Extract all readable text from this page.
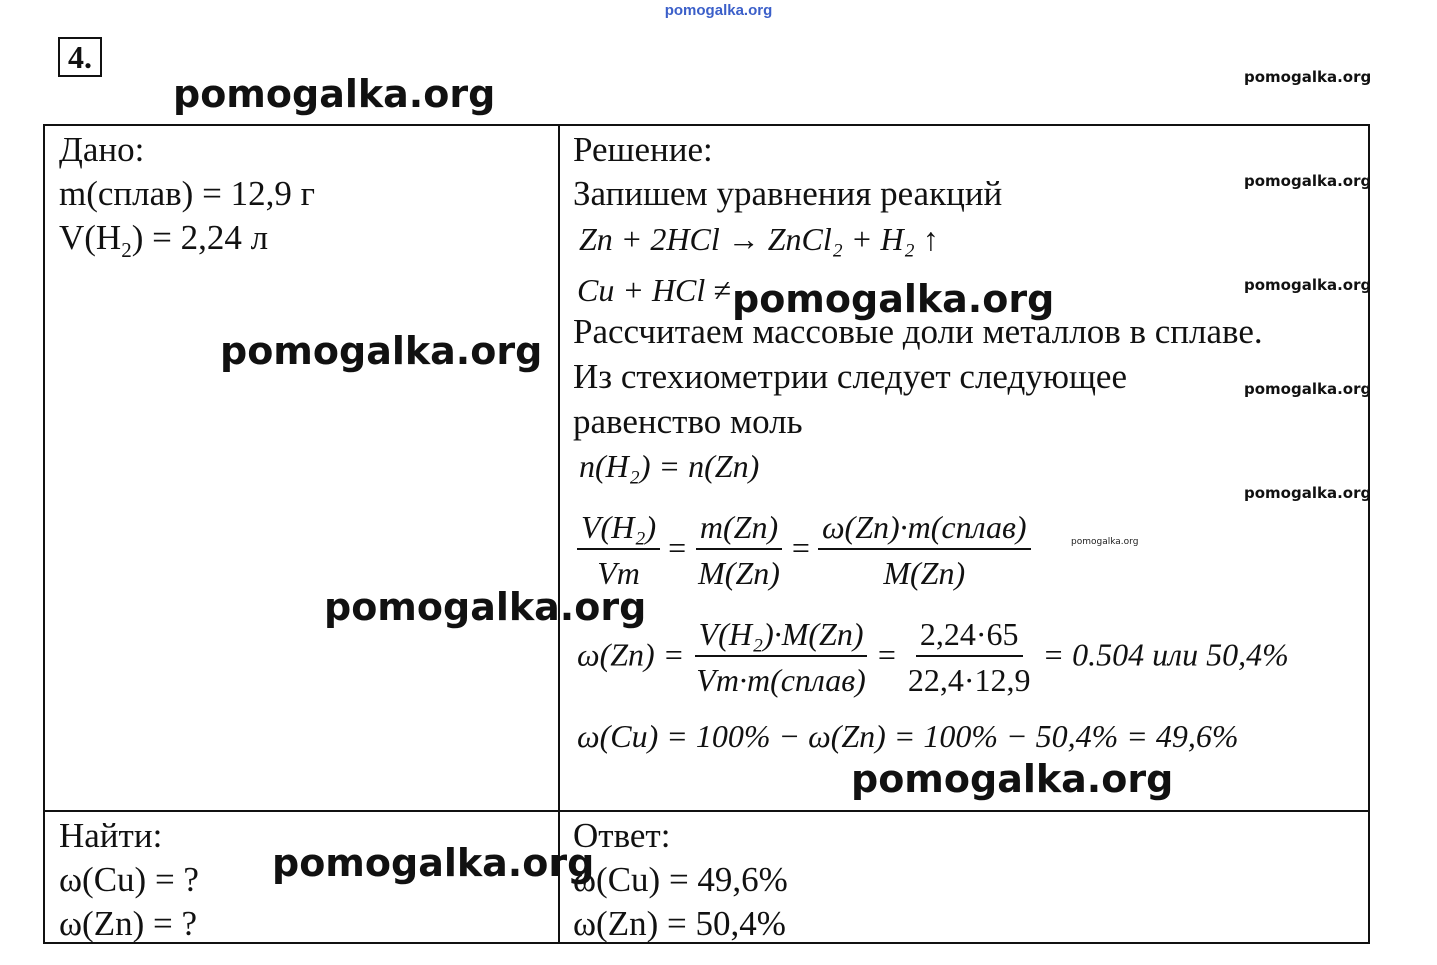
pomogalka.org
4.
pomogalka.org	pomogalka.org
Дано:
m(сплав) = 12,9 г
$V(H_2) = 2,24$ л
Найти:
ω(Cu) = ?
ω(Zn) = ?
Решение:
Запишем уравнения реакций
Zn + 2HCl → ZnCl₂ + H₂ ↑
Cu + HCl ≠
Рассчитаем массовые доли металлов в сплаве.
Из стехиометрии следует следующее
равенство моль
n(H₂) = n(Zn)
$\frac{\text{V(H₂)}}{Vm} = \frac{m(Zn)}{M(Zn)} = \frac{\text{ω(Zn)·m(сплав)}}{M(Zn)}$
$\omega(Zn) = \frac{\text{V(H₂)·M(Zn)}}{\text{Vm·m(сплав)}} = \frac{2,24\cdot 65}{22,4\cdot 12,9} = 0.504$ или 50,4%
ω(Cu) = 100% − ω(Zn) = 100% − 50,4% = 49,6%
Ответ:
ω(Cu) = 49,6%
ω(Zn) = 50,4%
pomogalka.org
pomogalka.org
pomogalka.org
pomogalka.org
pomogalka.org
pomogalka.org
pomogalka.org
pomogalka.org
pomogalka.org
pomogalka.org
